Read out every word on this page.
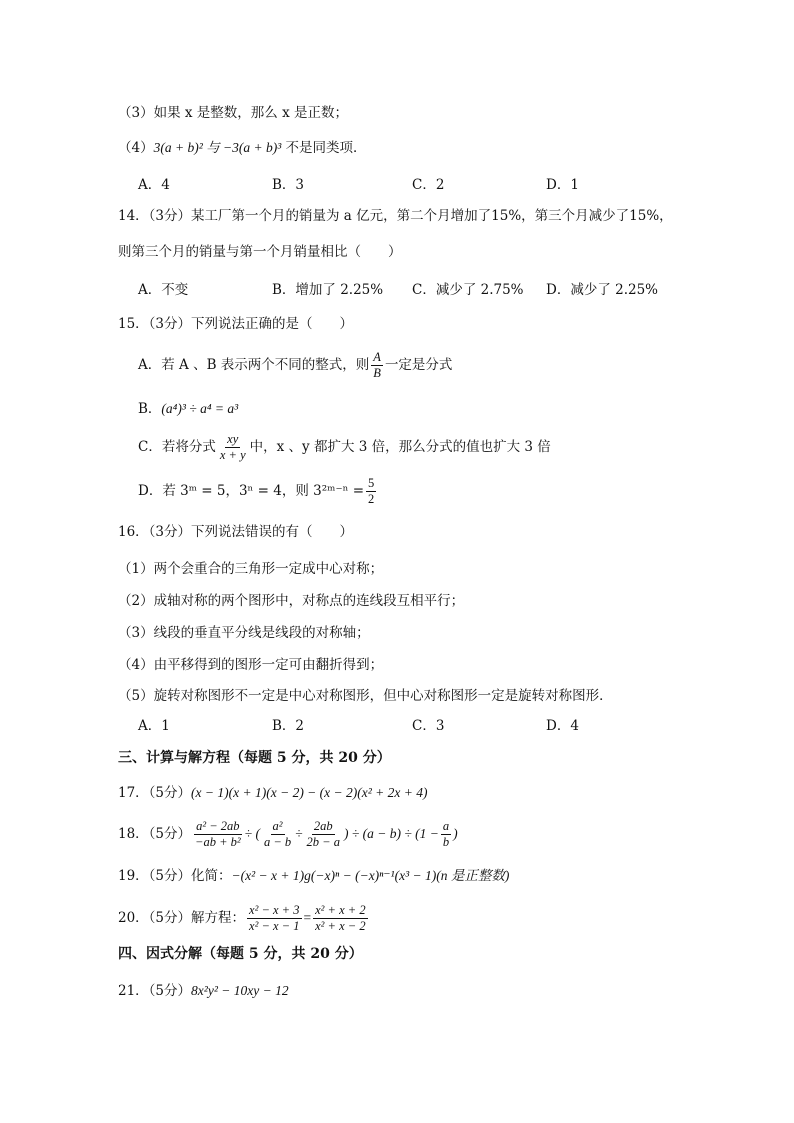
（3）如果 x 是整数，那么 x 是正数；
（4）3(a + b)² 与 −3(a + b)³ 不是同类项．
A．4	B．3	C．2	D．1
14．（3分）某工厂第一个月的销量为 a 亿元，第二个月增加了15%，第三个月减少了15%，
则第三个月的销量与第一个月销量相比（　　）
A．不变	B．增加了 2.25% C．减少了 2.75% D．减少了 2.25%
15．（3分）下列说法正确的是（　　）
A．若 A 、B 表示两个不同的整式，则 $\frac{A}{B}$ 一定是分式
B．(a⁴)³ ÷ a⁴ = a³
C．若将分式 $\frac{xy}{x + y}$ 中，x 、y 都扩大 3 倍，那么分式的值也扩大 3 倍
D．若 3ᵐ = 5，3ⁿ = 4，则 3²ᵐ⁻ⁿ = $\frac{5}{2}$
16．（3分）下列说法错误的有（　　）
（1）两个会重合的三角形一定成中心对称；
（2）成轴对称的两个图形中，对称点的连线段互相平行；
（3）线段的垂直平分线是线段的对称轴；
（4）由平移得到的图形一定可由翻折得到；
（5）旋转对称图形不一定是中心对称图形，但中心对称图形一定是旋转对称图形．
A．1	B．2	C．3	D．4
三、计算与解方程（每题 5 分，共 20 分）
17．（5分）(x − 1)(x + 1)(x − 2) − (x − 2)(x² + 2x + 4)
18．（5分） $\frac{\text{a² − 2ab}}{\text{−ab + b²}}$ ÷ ( $\frac{\text{a²}}{a - b} \div \frac{2ab}{2b - a}$ ) ÷ $(a - b) \div (1 - \frac{a}{b}$ )
19．（5分）化简：−(x² − x + 1)g(−x)ⁿ − (−x)ⁿ⁻¹(x³ − 1)(n 是正整数)
20．（5分）解方程： $\frac{\text{x² − x + 3}}{\text{x² − x − 1}} = \frac{\text{x² + x + 2}}{\text{x² + x − 2}}$
四、因式分解（每题 5 分，共 20 分）
21．（5分）8x²y² − 10xy − 12
